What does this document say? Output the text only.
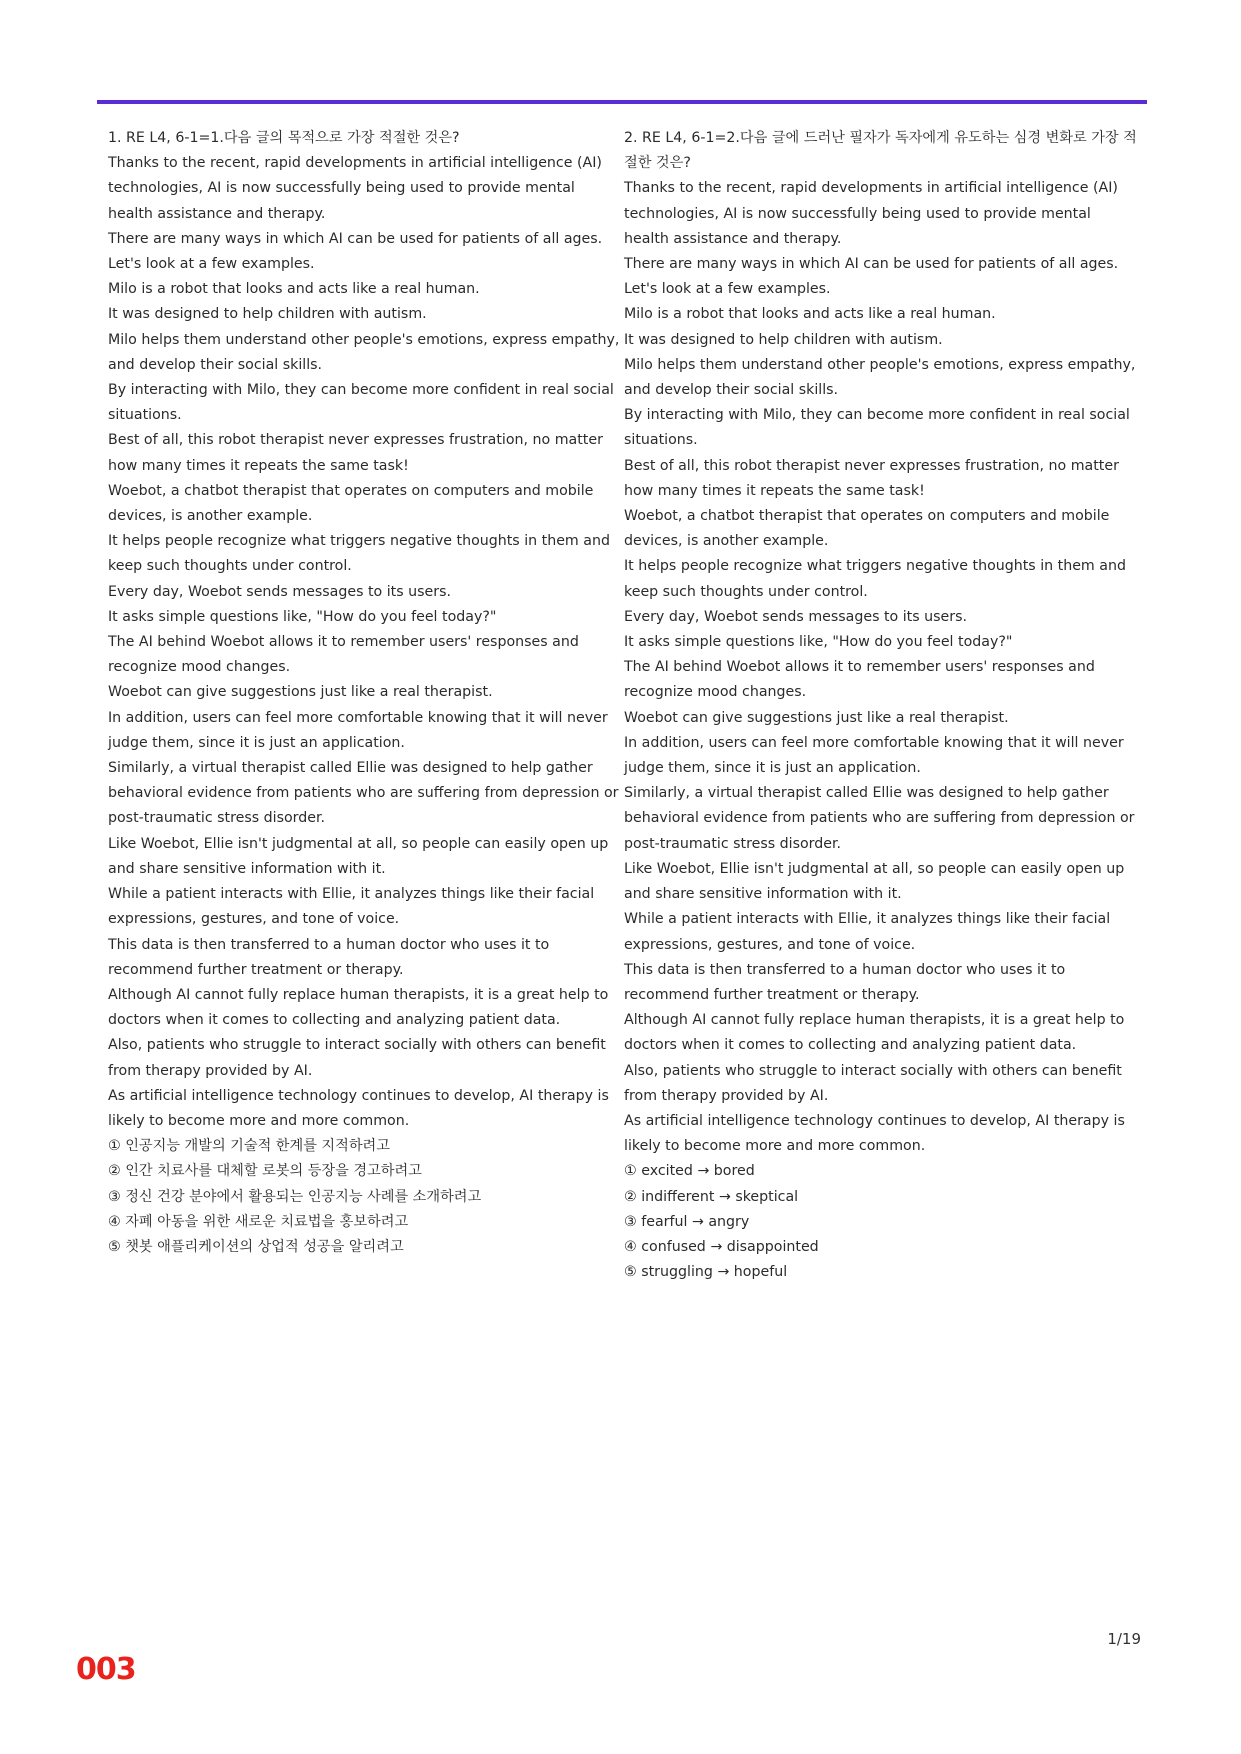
1. RE L4, 6-1=1.다음 글의 목적으로 가장 적절한 것은?

Thanks to the recent, rapid developments in artificial intelligence (AI) technologies, AI is now successfully being used to provide mental health assistance and therapy.

There are many ways in which AI can be used for patients of all ages.

Let's look at a few examples.

Milo is a robot that looks and acts like a real human.

It was designed to help children with autism.

Milo helps them understand other people's emotions, express empathy, and develop their social skills.

By interacting with Milo, they can become more confident in real social situations.

Best of all, this robot therapist never expresses frustration, no matter how many times it repeats the same task!

Woebot, a chatbot therapist that operates on computers and mobile devices, is another example.

It helps people recognize what triggers negative thoughts in them and keep such thoughts under control.

Every day, Woebot sends messages to its users.

It asks simple questions like, "How do you feel today?"

The AI behind Woebot allows it to remember users' responses and recognize mood changes.

Woebot can give suggestions just like a real therapist.

In addition, users can feel more comfortable knowing that it will never judge them, since it is just an application.

Similarly, a virtual therapist called Ellie was designed to help gather behavioral evidence from patients who are suffering from depression or post-traumatic stress disorder.

Like Woebot, Ellie isn't judgmental at all, so people can easily open up and share sensitive information with it.

While a patient interacts with Ellie, it analyzes things like their facial expressions, gestures, and tone of voice.

This data is then transferred to a human doctor who uses it to recommend further treatment or therapy.

Although AI cannot fully replace human therapists, it is a great help to doctors when it comes to collecting and analyzing patient data.

Also, patients who struggle to interact socially with others can benefit from therapy provided by AI.

As artificial intelligence technology continues to develop, AI therapy is likely to become more and more common.

① 인공지능 개발의 기술적 한계를 지적하려고

② 인간 치료사를 대체할 로봇의 등장을 경고하려고

③ 정신 건강 분야에서 활용되는 인공지능 사례를 소개하려고

④ 자폐 아동을 위한 새로운 치료법을 홍보하려고

⑤ 챗봇 애플리케이션의 상업적 성공을 알리려고

2. RE L4, 6-1=2.다음 글에 드러난 필자가 독자에게 유도하는 심경 변화로 가장 적절한 것은?

Thanks to the recent, rapid developments in artificial intelligence (AI) technologies, AI is now successfully being used to provide mental health assistance and therapy.

There are many ways in which AI can be used for patients of all ages.

Let's look at a few examples.

Milo is a robot that looks and acts like a real human.

It was designed to help children with autism.

Milo helps them understand other people's emotions, express empathy, and develop their social skills.

By interacting with Milo, they can become more confident in real social situations.

Best of all, this robot therapist never expresses frustration, no matter how many times it repeats the same task!

Woebot, a chatbot therapist that operates on computers and mobile devices, is another example.

It helps people recognize what triggers negative thoughts in them and keep such thoughts under control.

Every day, Woebot sends messages to its users.

It asks simple questions like, "How do you feel today?"

The AI behind Woebot allows it to remember users' responses and recognize mood changes.

Woebot can give suggestions just like a real therapist.

In addition, users can feel more comfortable knowing that it will never judge them, since it is just an application.

Similarly, a virtual therapist called Ellie was designed to help gather behavioral evidence from patients who are suffering from depression or post-traumatic stress disorder.

Like Woebot, Ellie isn't judgmental at all, so people can easily open up and share sensitive information with it.

While a patient interacts with Ellie, it analyzes things like their facial expressions, gestures, and tone of voice.

This data is then transferred to a human doctor who uses it to recommend further treatment or therapy.

Although AI cannot fully replace human therapists, it is a great help to doctors when it comes to collecting and analyzing patient data.

Also, patients who struggle to interact socially with others can benefit from therapy provided by AI.

As artificial intelligence technology continues to develop, AI therapy is likely to become more and more common.

① excited → bored

② indifferent → skeptical

③ fearful → angry

④ confused → disappointed

⑤ struggling → hopeful

1/19
003
